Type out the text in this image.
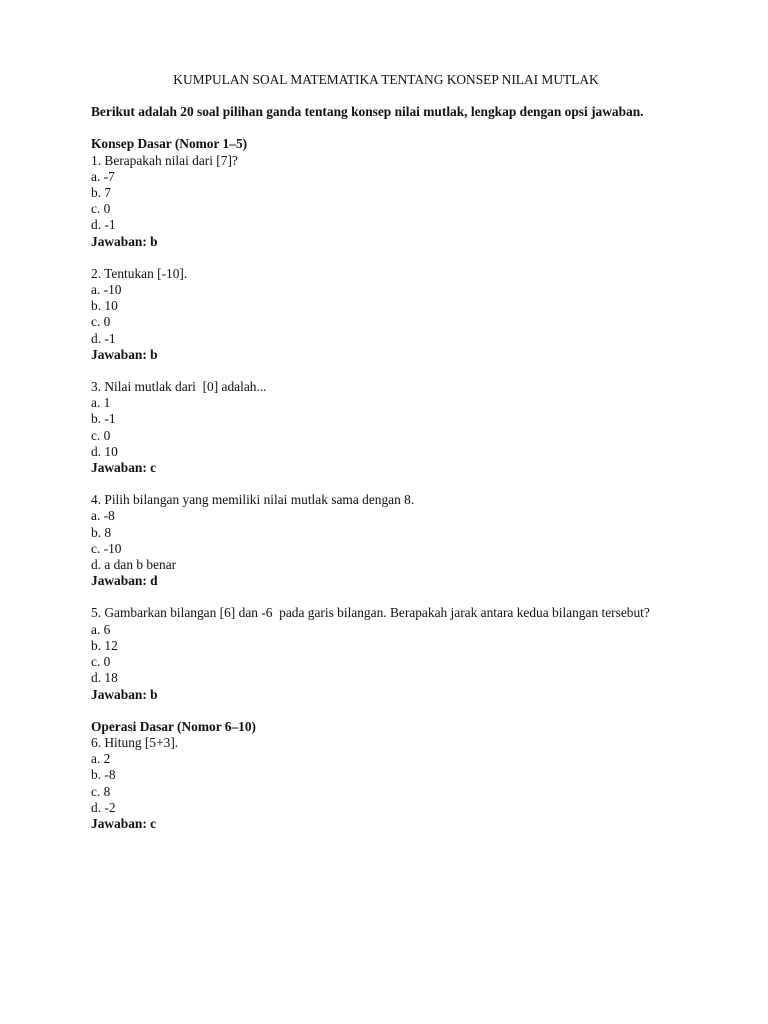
KUMPULAN SOAL MATEMATIKA TENTANG KONSEP NILAI MUTLAK

Berikut adalah 20 soal pilihan ganda tentang konsep nilai mutlak, lengkap dengan opsi jawaban.

Konsep Dasar (Nomor 1–5)

1. Berapakah nilai dari [7]?

a. -7
b. 7
c. 0
d. -1

Jawaban: b

2. Tentukan [-10].

a. -10
b. 10
c. 0
d. -1

Jawaban: b

3. Nilai mutlak dari  [0] adalah...

a. 1
b. -1
c. 0
d. 10

Jawaban: c

4. Pilih bilangan yang memiliki nilai mutlak sama dengan 8.

a. -8
b. 8
c. -10
d. a dan b benar

Jawaban: d

5. Gambarkan bilangan [6] dan -6  pada garis bilangan. Berapakah jarak antara kedua bilangan tersebut?

a. 6
b. 12
c. 0
d. 18

Jawaban: b

Operasi Dasar (Nomor 6–10)

6. Hitung [5+3].

a. 2
b. -8
c. 8
d. -2

Jawaban: c
